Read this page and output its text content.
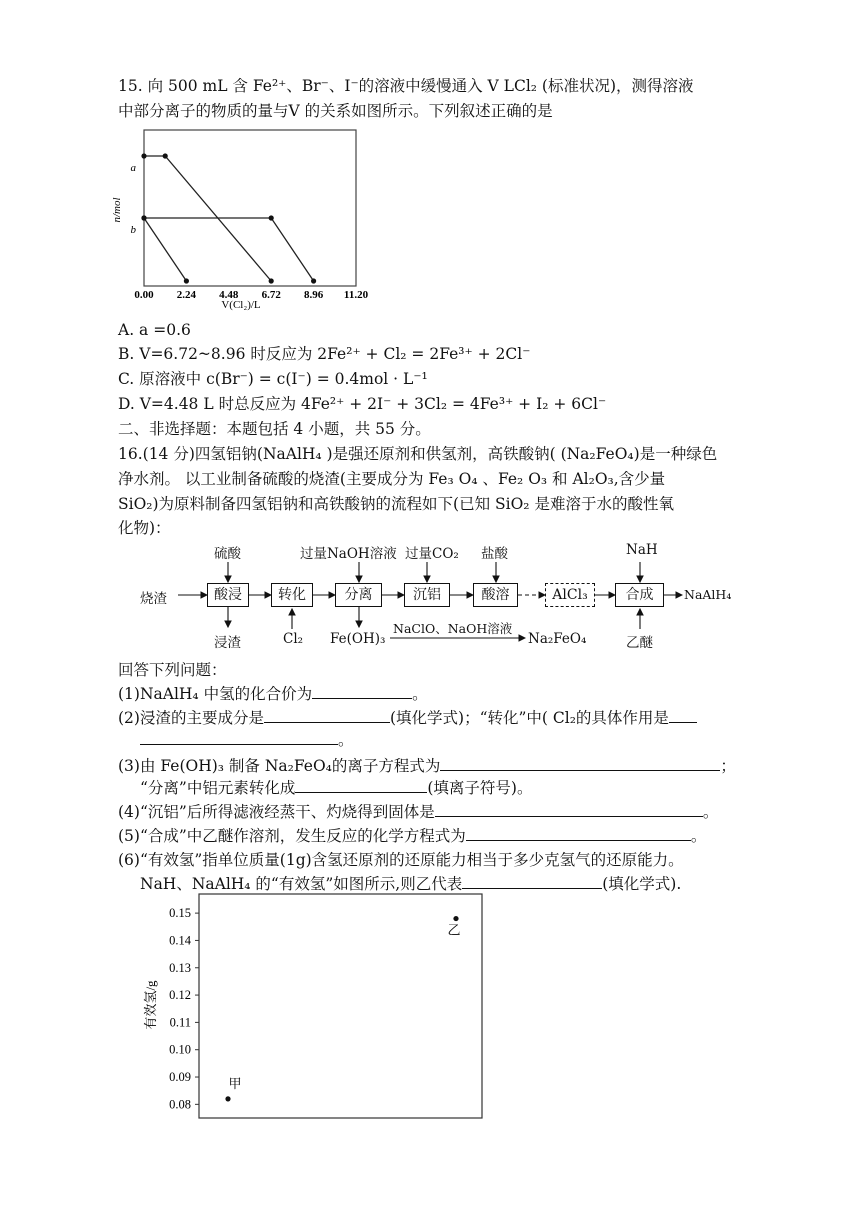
15. 向 500 mL 含 Fe²⁺、Br⁻、I⁻的溶液中缓慢通入 V LCl₂ (标准状况)，测得溶液
中部分离子的物质的量与V 的关系如图所示。下列叙述正确的是
a
b
n/mol
0.00 2.24 4.48 6.72 8.96 11.20
V(Cl₂)/L
A. a =0.6
B. V=6.72~8.96 时反应为 2Fe²⁺ + Cl₂ = 2Fe³⁺ + 2Cl⁻
C. 原溶液中 c(Br⁻) = c(I⁻) = 0.4mol · L⁻¹
D. V=4.48 L 时总反应为 4Fe²⁺ + 2I⁻ + 3Cl₂ = 4Fe³⁺ + I₂ + 6Cl⁻
二、非选择题：本题包括 4 小题，共 55 分。
16.(14 分)四氢铝钠(NaAlH₄ )是强还原剂和供氢剂，高铁酸钠( (Na₂FeO₄)是一种绿色
净水剂。 以工业制备硫酸的烧渣(主要成分为 Fe₃ O₄ 、Fe₂ O₃ 和 Al₂O₃,含少量
SiO₂)为原料制备四氢铝钠和高铁酸钠的流程如下(已知 SiO₂ 是难溶于水的酸性氧
化物)：
烧渣	酸浸	转化	分离	沉铝	酸溶	AlCl₃	合成	NaAlH₄
硫酸	过量NaOH溶液 过量CO₂ 盐酸	NaH
浸渣	Cl₂ Fe(OH)₃	乙醚
NaClO、NaOH溶液
Na₂FeO₄
回答下列问题：
(1)NaAlH₄ 中氢的化合价为	。
(2)浸渣的主要成分是	(填化学式)；“转化”中( Cl₂的具体作用是
。
(3)由 Fe(OH)₃ 制备 Na₂FeO₄的离子方程式为	；
“分离”中铝元素转化成	(填离子符号)。
(4)“沉铝”后所得滤液经蒸干、灼烧得到固体是	。
(5)“合成”中乙醚作溶剂，发生反应的化学方程式为	。
(6)“有效氢”指单位质量(1g)含氢还原剂的还原能力相当于多少克氢气的还原能力。
NaH、NaAlH₄ 的“有效氢”如图所示,则乙代表	(填化学式).
0.08
0.09
0.10
0.11
0.12
0.13
0.14
0.15
甲
乙
有效氢/g
